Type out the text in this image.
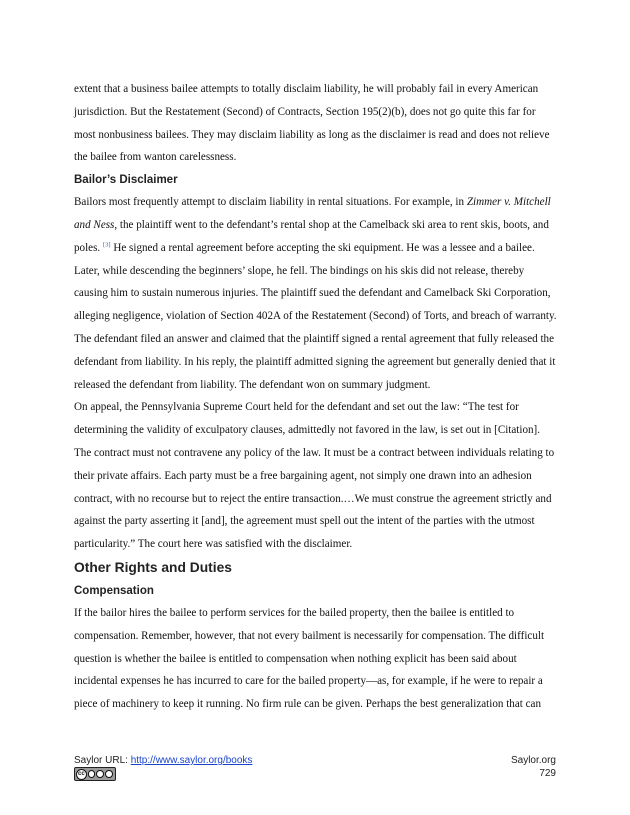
extent that a business bailee attempts to totally disclaim liability, he will probably fail in every American jurisdiction. But the Restatement (Second) of Contracts, Section 195(2)(b), does not go quite this far for most nonbusiness bailees. They may disclaim liability as long as the disclaimer is read and does not relieve the bailee from wanton carelessness.

Bailor’s Disclaimer

Bailors most frequently attempt to disclaim liability in rental situations. For example, in Zimmer v. Mitchell and Ness, the plaintiff went to the defendant’s rental shop at the Camelback ski area to rent skis, boots, and poles. [3] He signed a rental agreement before accepting the ski equipment. He was a lessee and a bailee. Later, while descending the beginners’ slope, he fell. The bindings on his skis did not release, thereby causing him to sustain numerous injuries. The plaintiff sued the defendant and Camelback Ski Corporation, alleging negligence, violation of Section 402A of the Restatement (Second) of Torts, and breach of warranty. The defendant filed an answer and claimed that the plaintiff signed a rental agreement that fully released the defendant from liability. In his reply, the plaintiff admitted signing the agreement but generally denied that it released the defendant from liability. The defendant won on summary judgment.

On appeal, the Pennsylvania Supreme Court held for the defendant and set out the law: “The test for determining the validity of exculpatory clauses, admittedly not favored in the law, is set out in [Citation]. The contract must not contravene any policy of the law. It must be a contract between individuals relating to their private affairs. Each party must be a free bargaining agent, not simply one drawn into an adhesion contract, with no recourse but to reject the entire transaction.…We must construe the agreement strictly and against the party asserting it [and], the agreement must spell out the intent of the parties with the utmost particularity.” The court here was satisfied with the disclaimer.

Other Rights and Duties
Compensation

If the bailor hires the bailee to perform services for the bailed property, then the bailee is entitled to compensation. Remember, however, that not every bailment is necessarily for compensation. The difficult question is whether the bailee is entitled to compensation when nothing explicit has been said about incidental expenses he has incurred to care for the bailed property—as, for example, if he were to repair a piece of machinery to keep it running. No firm rule can be given. Perhaps the best generalization that can

Saylor URL: http://www.saylor.org/books
cc
Saylor.org
729
